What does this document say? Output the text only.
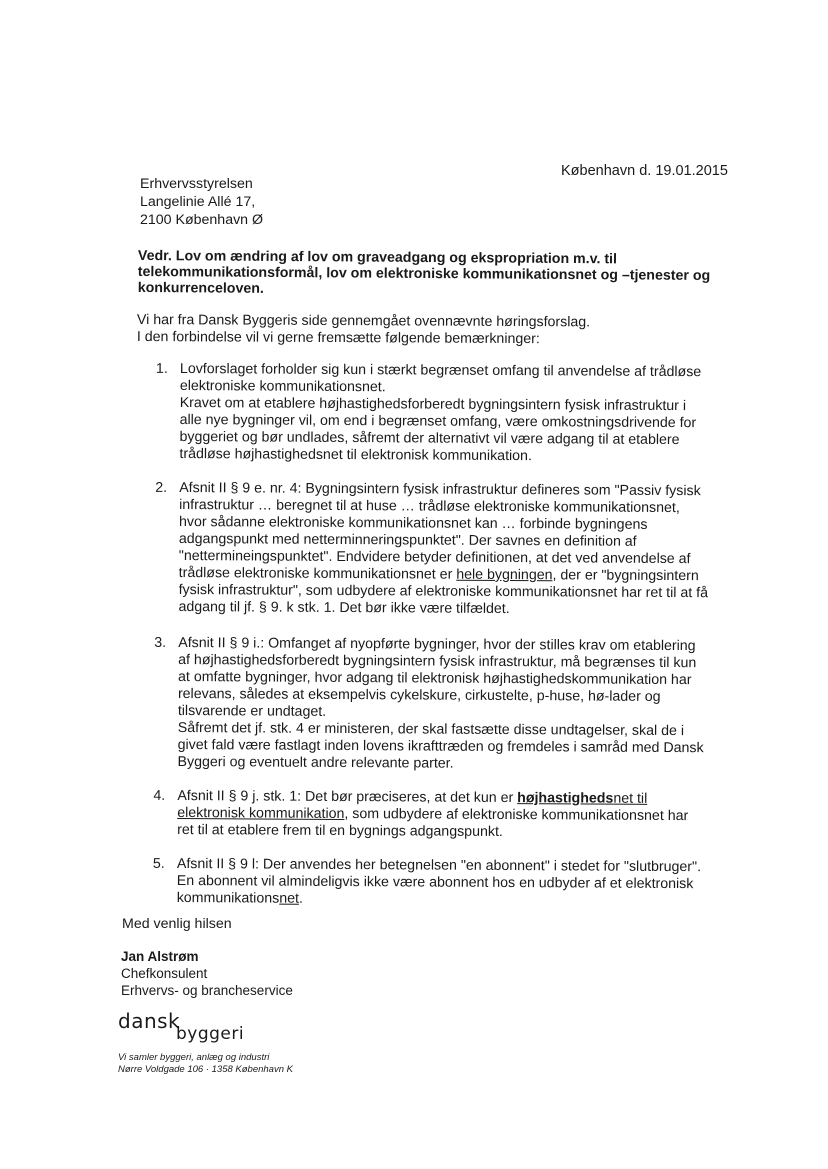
København d. 19.01.2015
Erhvervsstyrelsen
Langelinie Allé 17,
2100 København Ø
Vedr. Lov om ændring af lov om graveadgang og ekspropriation m.v. til
telekommunikationsformål, lov om elektroniske kommunikationsnet og –tjenester og
konkurrenceloven.
Vi har fra Dansk Byggeris side gennemgået ovennævnte høringsforslag.
I den forbindelse vil vi gerne fremsætte følgende bemærkninger:
1. Lovforslaget forholder sig kun i stærkt begrænset omfang til anvendelse af trådløse
elektroniske kommunikationsnet.
Kravet om at etablere højhastighedsforberedt bygningsintern fysisk infrastruktur i
alle nye bygninger vil, om end i begrænset omfang, være omkostningsdrivende for
byggeriet og bør undlades, såfremt der alternativt vil være adgang til at etablere
trådløse højhastighedsnet til elektronisk kommunikation.
2. Afsnit II § 9 e. nr. 4: Bygningsintern fysisk infrastruktur defineres som "Passiv fysisk
infrastruktur … beregnet til at huse … trådløse elektroniske kommunikationsnet,
hvor sådanne elektroniske kommunikationsnet kan … forbinde bygningens
adgangspunkt med netterminneringspunktet". Der savnes en definition af
"nettermineingspunktet". Endvidere betyder definitionen, at det ved anvendelse af
trådløse elektroniske kommunikationsnet er hele bygningen, der er "bygningsintern
fysisk infrastruktur", som udbydere af elektroniske kommunikationsnet har ret til at få
adgang til jf. § 9. k stk. 1. Det bør ikke være tilfældet.
3. Afsnit II § 9 i.: Omfanget af nyopførte bygninger, hvor der stilles krav om etablering
af højhastighedsforberedt bygningsintern fysisk infrastruktur, må begrænses til kun
at omfatte bygninger, hvor adgang til elektronisk højhastighedskommunikation har
relevans, således at eksempelvis cykelskure, cirkustelte, p-huse, hø-lader og
tilsvarende er undtaget.
Såfremt det jf. stk. 4 er ministeren, der skal fastsætte disse undtagelser, skal de i
givet fald være fastlagt inden lovens ikrafttræden og fremdeles i samråd med Dansk
Byggeri og eventuelt andre relevante parter.
4. Afsnit II § 9 j. stk. 1: Det bør præciseres, at det kun er højhastighedsnet til
elektronisk kommunikation, som udbydere af elektroniske kommunikationsnet har
ret til at etablere frem til en bygnings adgangspunkt.
5. Afsnit II § 9 l: Der anvendes her betegnelsen "en abonnent" i stedet for "slutbruger".
En abonnent vil almindeligvis ikke være abonnent hos en udbyder af et elektronisk
kommunikationsnet.
Med venlig hilsen
Jan Alstrøm
Chefkonsulent
Erhvervs- og brancheservice
dansk
byggeri
Vi samler byggeri, anlæg og industri
Nørre Voldgade 106 · 1358 København K
